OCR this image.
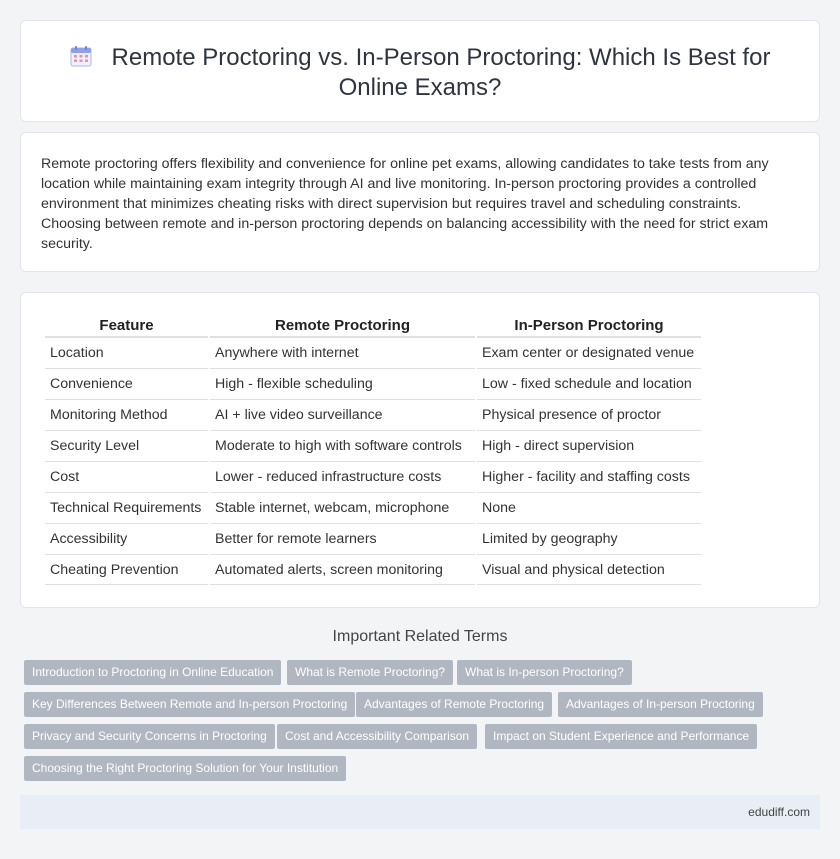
Remote Proctoring vs. In-Person Proctoring: Which Is Best for
Online Exams?

Remote proctoring offers flexibility and convenience for online pet exams, allowing candidates to take tests from any location while maintaining exam integrity through AI and live monitoring. In-person proctoring provides a controlled environment that minimizes cheating risks with direct supervision but requires travel and scheduling constraints. Choosing between remote and in-person proctoring depends on balancing accessibility with the need for strict exam security.

Feature	Remote Proctoring	In-Person Proctoring
Location	Anywhere with internet	Exam center or designated venue
Convenience	High - flexible scheduling	Low - fixed schedule and location
Monitoring Method	AI + live video surveillance	Physical presence of proctor
Security Level	Moderate to high with software controls	High - direct supervision
Cost	Lower - reduced infrastructure costs	Higher - facility and staffing costs
Technical Requirements	Stable internet, webcam, microphone	None
Accessibility	Better for remote learners	Limited by geography
Cheating Prevention	Automated alerts, screen monitoring	Visual and physical detection
Important Related Terms
Introduction to Proctoring in Online Education	What is Remote Proctoring?	What is In-person Proctoring?
Key Differences Between Remote and In-person Proctoring	Advantages of Remote Proctoring	Advantages of In-person Proctoring
Privacy and Security Concerns in Proctoring	Cost and Accessibility Comparison	Impact on Student Experience and Performance
Choosing the Right Proctoring Solution for Your Institution
edudiff.com
